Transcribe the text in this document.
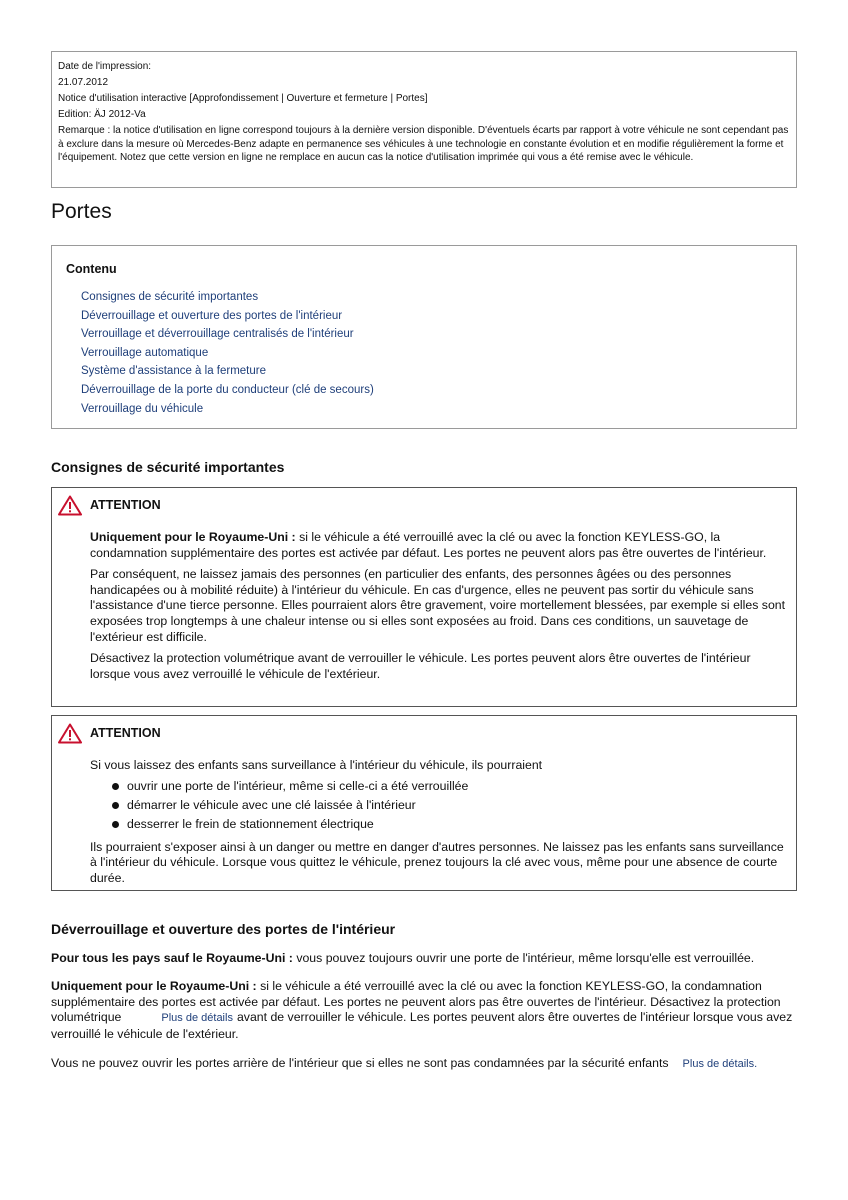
Date de l'impression:
21.07.2012
Notice d'utilisation interactive [Approfondissement | Ouverture et fermeture | Portes]
Edition: ÄJ 2012-Va
Remarque : la notice d'utilisation en ligne correspond toujours à la dernière version disponible. D'éventuels écarts par rapport à votre véhicule ne sont cependant pas à exclure dans la mesure où Mercedes-Benz adapte en permanence ses véhicules à une technologie en constante évolution et en modifie régulièrement la forme et l'équipement. Notez que cette version en ligne ne remplace en aucun cas la notice d'utilisation imprimée qui vous a été remise avec le véhicule.
Portes
Contenu
Consignes de sécurité importantes
Déverrouillage et ouverture des portes de l'intérieur
Verrouillage et déverrouillage centralisés de l'intérieur
Verrouillage automatique
Système d'assistance à la fermeture
Déverrouillage de la porte du conducteur (clé de secours)
Verrouillage du véhicule
Consignes de sécurité importantes
ATTENTION

Uniquement pour le Royaume-Uni : si le véhicule a été verrouillé avec la clé ou avec la fonction KEYLESS-GO, la condamnation supplémentaire des portes est activée par défaut. Les portes ne peuvent alors pas être ouvertes de l'intérieur.

Par conséquent, ne laissez jamais des personnes (en particulier des enfants, des personnes âgées ou des personnes handicapées ou à mobilité réduite) à l'intérieur du véhicule. En cas d'urgence, elles ne peuvent pas sortir du véhicule sans l'assistance d'une tierce personne. Elles pourraient alors être gravement, voire mortellement blessées, par exemple si elles sont exposées trop longtemps à une chaleur intense ou si elles sont exposées au froid. Dans ces conditions, un sauvetage de l'extérieur est difficile.

Désactivez la protection volumétrique avant de verrouiller le véhicule. Les portes peuvent alors être ouvertes de l'intérieur lorsque vous avez verrouillé le véhicule de l'extérieur.

ATTENTION

Si vous laissez des enfants sans surveillance à l'intérieur du véhicule, ils pourraient

ouvrir une porte de l'intérieur, même si celle-ci a été verrouillée
démarrer le véhicule avec une clé laissée à l'intérieur
desserrer le frein de stationnement électrique

Ils pourraient s'exposer ainsi à un danger ou mettre en danger d'autres personnes. Ne laissez pas les enfants sans surveillance à l'intérieur du véhicule. Lorsque vous quittez le véhicule, prenez toujours la clé avec vous, même pour une absence de courte durée.

Déverrouillage et ouverture des portes de l'intérieur

Pour tous les pays sauf le Royaume-Uni : vous pouvez toujours ouvrir une porte de l'intérieur, même lorsqu'elle est verrouillée.

Uniquement pour le Royaume-Uni : si le véhicule a été verrouillé avec la clé ou avec la fonction KEYLESS-GO, la condamnation supplémentaire des portes est activée par défaut. Les portes ne peuvent alors pas être ouvertes de l'intérieur. Désactivez la protection volumétrique	Plus de détails avant de verrouiller le véhicule. Les portes peuvent alors être ouvertes de l'intérieur lorsque vous avez verrouillé le véhicule de l'extérieur.

Vous ne pouvez ouvrir les portes arrière de l'intérieur que si elles ne sont pas condamnées par la sécurité enfants Plus de détails.
